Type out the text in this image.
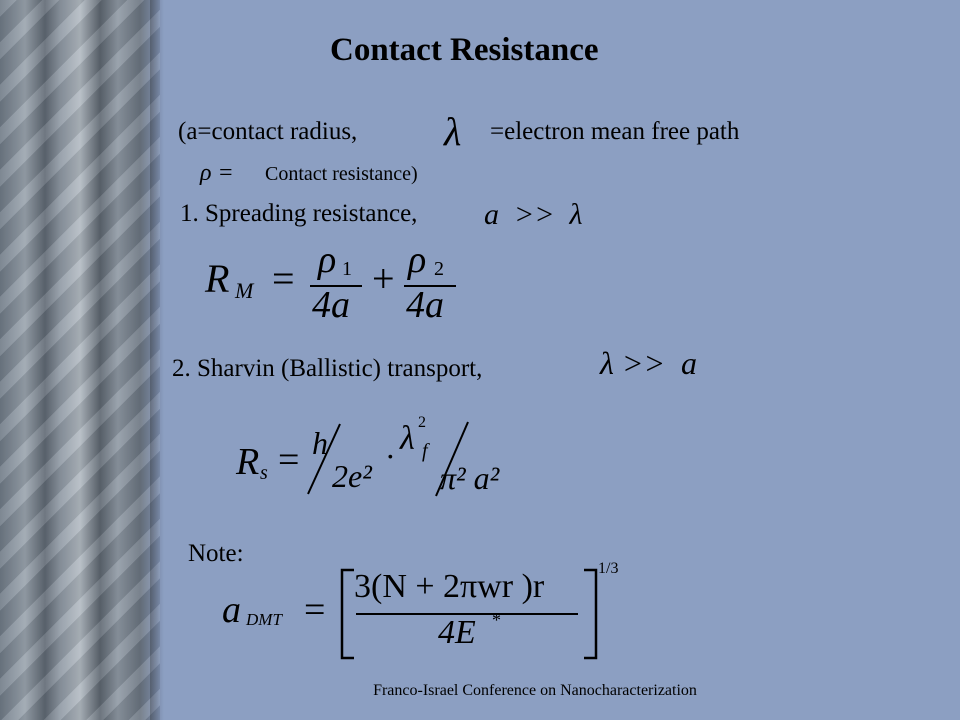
Contact Resistance
(a=contact radius, λ =electron mean free path
ρ = Contact resistance)
1. Spreading resistance, a  >>  λ
R M = ρ 1
4a
+ ρ 2
4a
2. Sharvin (Ballistic) transport,	λ >>  a
R s = h
2e²
· λ 2
f
π² a²
Note:
a DMT =
3(N + 2πwr )r
4E *
1/3
Franco-Israel Conference on Nanocharacterization
